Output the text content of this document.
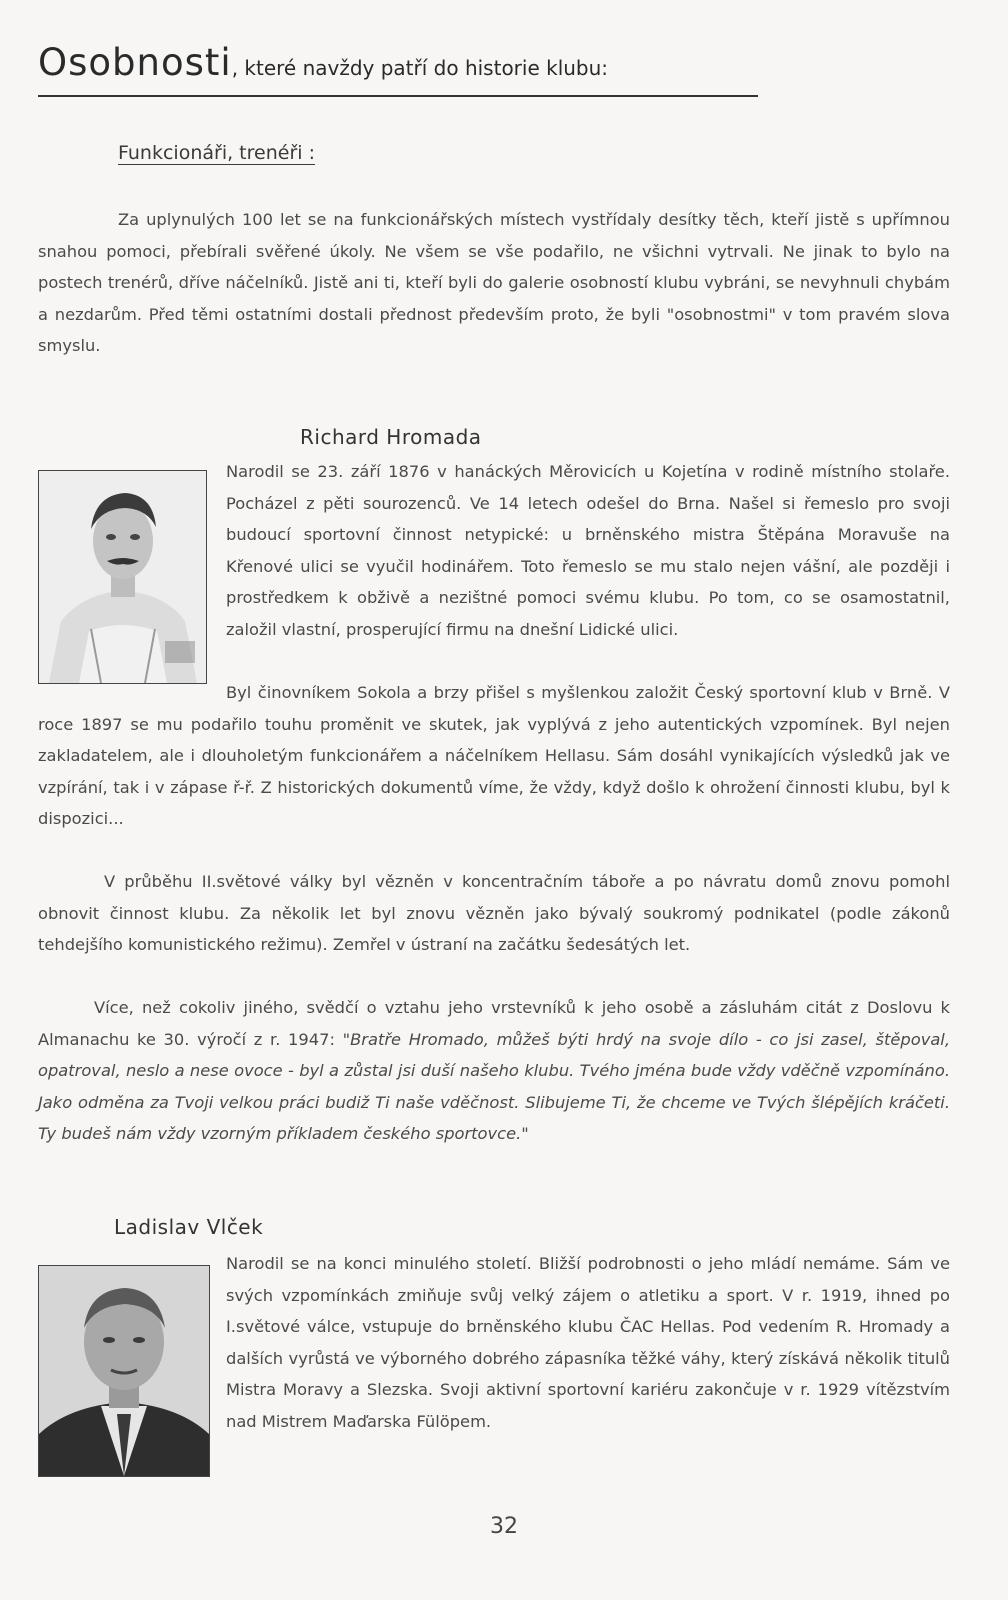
Osobnosti, které navždy patří do historie klubu:
Funkcionáři, trenéři :

Za uplynulých 100 let se na funkcionářských místech vystřídaly desítky těch, kteří jistě s upřímnou snahou pomoci, přebírali svěřené úkoly. Ne všem se vše podařilo, ne všichni vytrvali. Ne jinak to bylo na postech trenérů, dříve náčelníků. Jistě ani ti, kteří byli do galerie osobností klubu vybráni, se nevyhnuli chybám a nezdarům. Před těmi ostatními dostali přednost především proto, že byli "osobnostmi" v tom pravém slova smyslu.

Richard Hromada

Narodil se 23. září 1876 v hanáckých Měrovicích u Kojetína v rodině místního stolaře. Pocházel z pěti sourozenců. Ve 14 letech odešel do Brna. Našel si řemeslo pro svoji budoucí sportovní činnost netypické: u brněnského mistra Štěpána Moravuše na Křenové ulici se vyučil hodinářem. Toto řemeslo se mu stalo nejen vášní, ale později i prostředkem k obživě a nezištné pomoci svému klubu. Po tom, co se osamostatnil, založil vlastní, prosperující firmu na dnešní Lidické ulici.

Byl činovníkem Sokola a brzy přišel s myšlenkou založit Český sportovní klub v Brně. V roce 1897 se mu podařilo touhu proměnit ve skutek, jak vyplývá z jeho autentických vzpomínek. Byl nejen zakladatelem, ale i dlouholetým funkcionářem a náčelníkem Hellasu. Sám dosáhl vynikajících výsledků jak ve vzpírání, tak i v zápase ř-ř. Z historických dokumentů víme, že vždy, když došlo k ohrožení činnosti klubu, byl k dispozici...

V průběhu II.světové války byl vězněn v koncentračním táboře a po návratu domů znovu pomohl obnovit činnost klubu. Za několik let byl znovu vězněn jako bývalý soukromý podnikatel (podle zákonů tehdejšího komunistického režimu). Zemřel v ústraní na začátku šedesátých let.

Více, než cokoliv jiného, svědčí o vztahu jeho vrstevníků k jeho osobě a zásluhám citát z Doslovu k Almanachu ke 30. výročí z r. 1947: "Bratře Hromado, můžeš býti hrdý na svoje dílo - co jsi zasel, štěpoval, opatroval, neslo a nese ovoce - byl a zůstal jsi duší našeho klubu. Tvého jména bude vždy vděčně vzpomínáno. Jako odměna za Tvoji velkou práci budiž Ti naše vděčnost. Slibujeme Ti, že chceme ve Tvých šlépějích kráčeti. Ty budeš nám vždy vzorným příkladem českého sportovce."

Ladislav Vlček

Narodil se na konci minulého století. Bližší podrobnosti o jeho mládí nemáme. Sám ve svých vzpomínkách zmiňuje svůj velký zájem o atletiku a sport. V r. 1919, ihned po I.světové válce, vstupuje do brněnského klubu ČAC Hellas. Pod vedením R. Hromady a dalších vyrůstá ve výborného dobrého zápasníka těžké váhy, který získává několik titulů Mistra Moravy a Slezska. Svoji aktivní sportovní kariéru zakončuje v r. 1929 vítězstvím nad Mistrem Maďarska Fülöpem.

32
